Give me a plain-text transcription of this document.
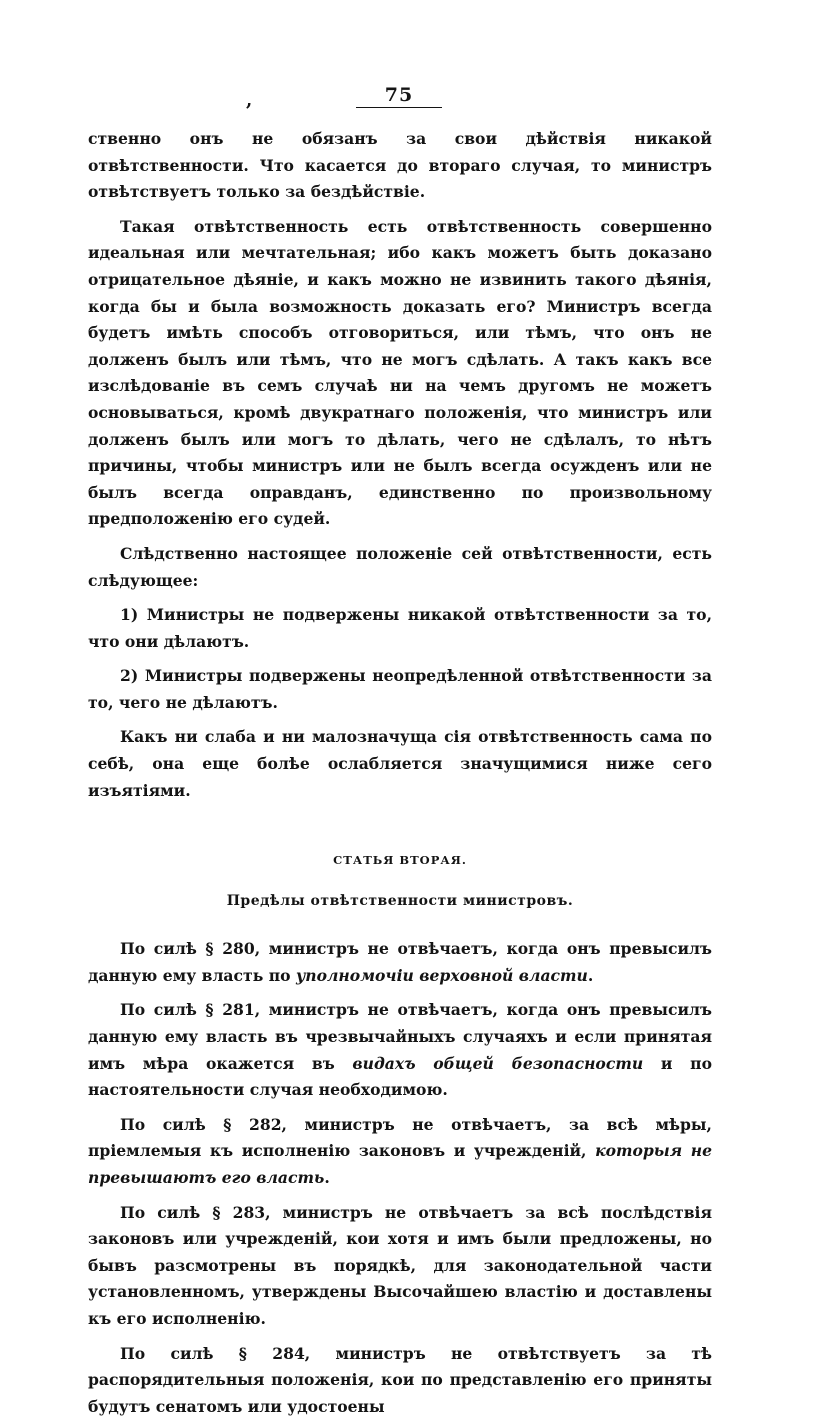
,	75

ственно онъ не обязанъ за свои дѣйствія никакой отвѣтственности. Что касается до втораго случая, то министръ отвѣтствуетъ только за бездѣйствіе.

Такая отвѣтственность есть отвѣтственность совершенно идеальная или мечтательная; ибо какъ можетъ быть доказано отрицательное дѣяніе, и какъ можно не извинить такого дѣянія, когда бы и была возможность доказать его? Министръ всегда будетъ имѣть способъ отговориться, или тѣмъ, что онъ не долженъ былъ или тѣмъ, что не могъ сдѣлать. А такъ какъ все изслѣдованіе въ семъ случаѣ ни на чемъ другомъ не можетъ основываться, кромѣ двукратнаго положенія, что министръ или долженъ былъ или могъ то дѣлать, чего не сдѣлалъ, то нѣтъ причины, чтобы министръ или не былъ всегда осужденъ или не былъ всегда оправданъ, единственно по произвольному предположенію его судей.

Слѣдственно настоящее положеніе сей отвѣтственности, есть слѣдующее:

1) Министры не подвержены никакой отвѣтственности за то, что они дѣлаютъ.

2) Министры подвержены неопредѣленной отвѣтственности за то, чего не дѣлаютъ.

Какъ ни слаба и ни малозначуща сія отвѣтственность сама по себѣ, она еще болѣе ослабляется значущимися ниже сего изъятіями.

СТАТЬЯ ВТОРАЯ.
Предѣлы отвѣтственности министровъ.

По силѣ § 280, министръ не отвѣчаетъ, когда онъ превысилъ данную ему власть по уполномочіи верховной власти.

По силѣ § 281, министръ не отвѣчаетъ, когда онъ превысилъ данную ему власть въ чрезвычайныхъ случаяхъ и если принятая имъ мѣра окажется въ видахъ общей безопасности и по настоятельности случая необходимою.

По силѣ § 282, министръ не отвѣчаетъ, за всѣ мѣры, пріемлемыя къ исполненію законовъ и учрежденій, которыя не превышаютъ его власть.

По силѣ § 283, министръ не отвѣчаетъ за всѣ послѣдствія законовъ или учрежденій, кои хотя и имъ были предложены, но бывъ разсмотрены въ порядкѣ, для законодательной части установленномъ, утверждены Высочайшею властію и доставлены къ его исполненію.

По силѣ § 284, министръ не отвѣтствуетъ за тѣ распорядительныя положенія, кои по представленію его приняты будутъ сенатомъ или удостоены
